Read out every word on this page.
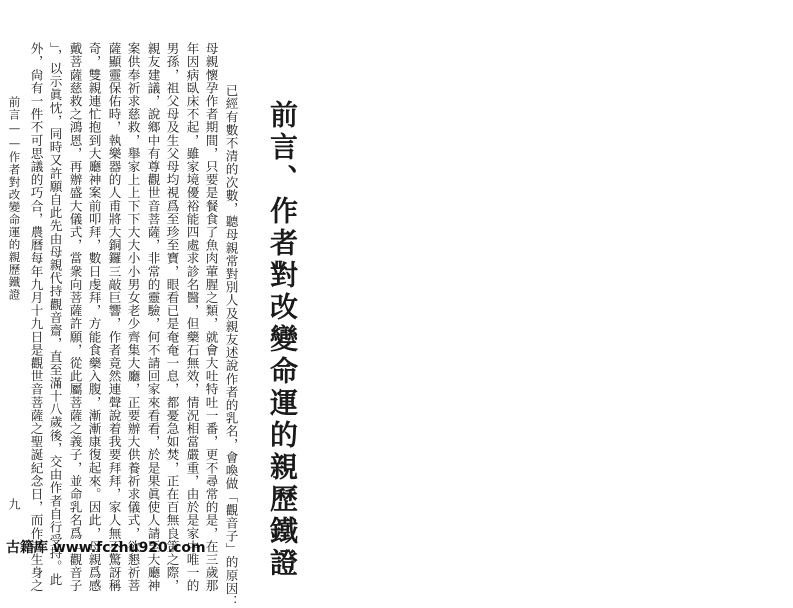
前言、作者對改變命運的親歷鐵證
已經有數不清的次數，聽母親常對別人及親友述說作者的乳名，會喚做「觀音子」的原因：
母親懷孕作者期間，只要是餐食了魚肉葷腥之類，就會大吐特吐一番，更不尋常的是，在三歲那
年因病臥床不起，雖家境優裕能四處求診名醫，但藥石無效，情況相當嚴重，由於是家中唯一的
男孫，祖父母及生父母均視爲至珍至寶，眼看已是奄奄一息，都憂急如焚，正在百無良策之際，
親友建議，說鄉中有尊觀世音菩薩，非常的靈驗，何不請回家來看看，於是果眞使人請至大廳神
案供奉祈求慈救，舉家上上下下大大小小男女老少齊集大廳，正要辦大供養祈求儀式，欲懇祈菩
薩顯靈保佑時，執樂器的人甫將大銅鑼三敲巨響，作者竟然連聲說着我要拜拜，家人無不驚訝稱
奇，雙親連忙抱到大廳神案前叩拜，數日虔拜，方能食藥入腹，漸漸康復起來。因此，母親爲感
戴菩薩慈救之鴻恩，再辦盛大儀式，當衆向菩薩許願，從此屬菩薩之義子，並命乳名爲「觀音子
」，以示眞忱，同時又許願自此先由母親代持觀音齋，直至滿十八歲後，交由作者自行受持。此
外，尙有一件不可思議的巧合，農曆每年九月十九日是觀世音菩薩之聖誕紀念日，而作者生身之
前言——作者對改變命運的親歷鐵證
九
古籍库 www.fczhu920.com
